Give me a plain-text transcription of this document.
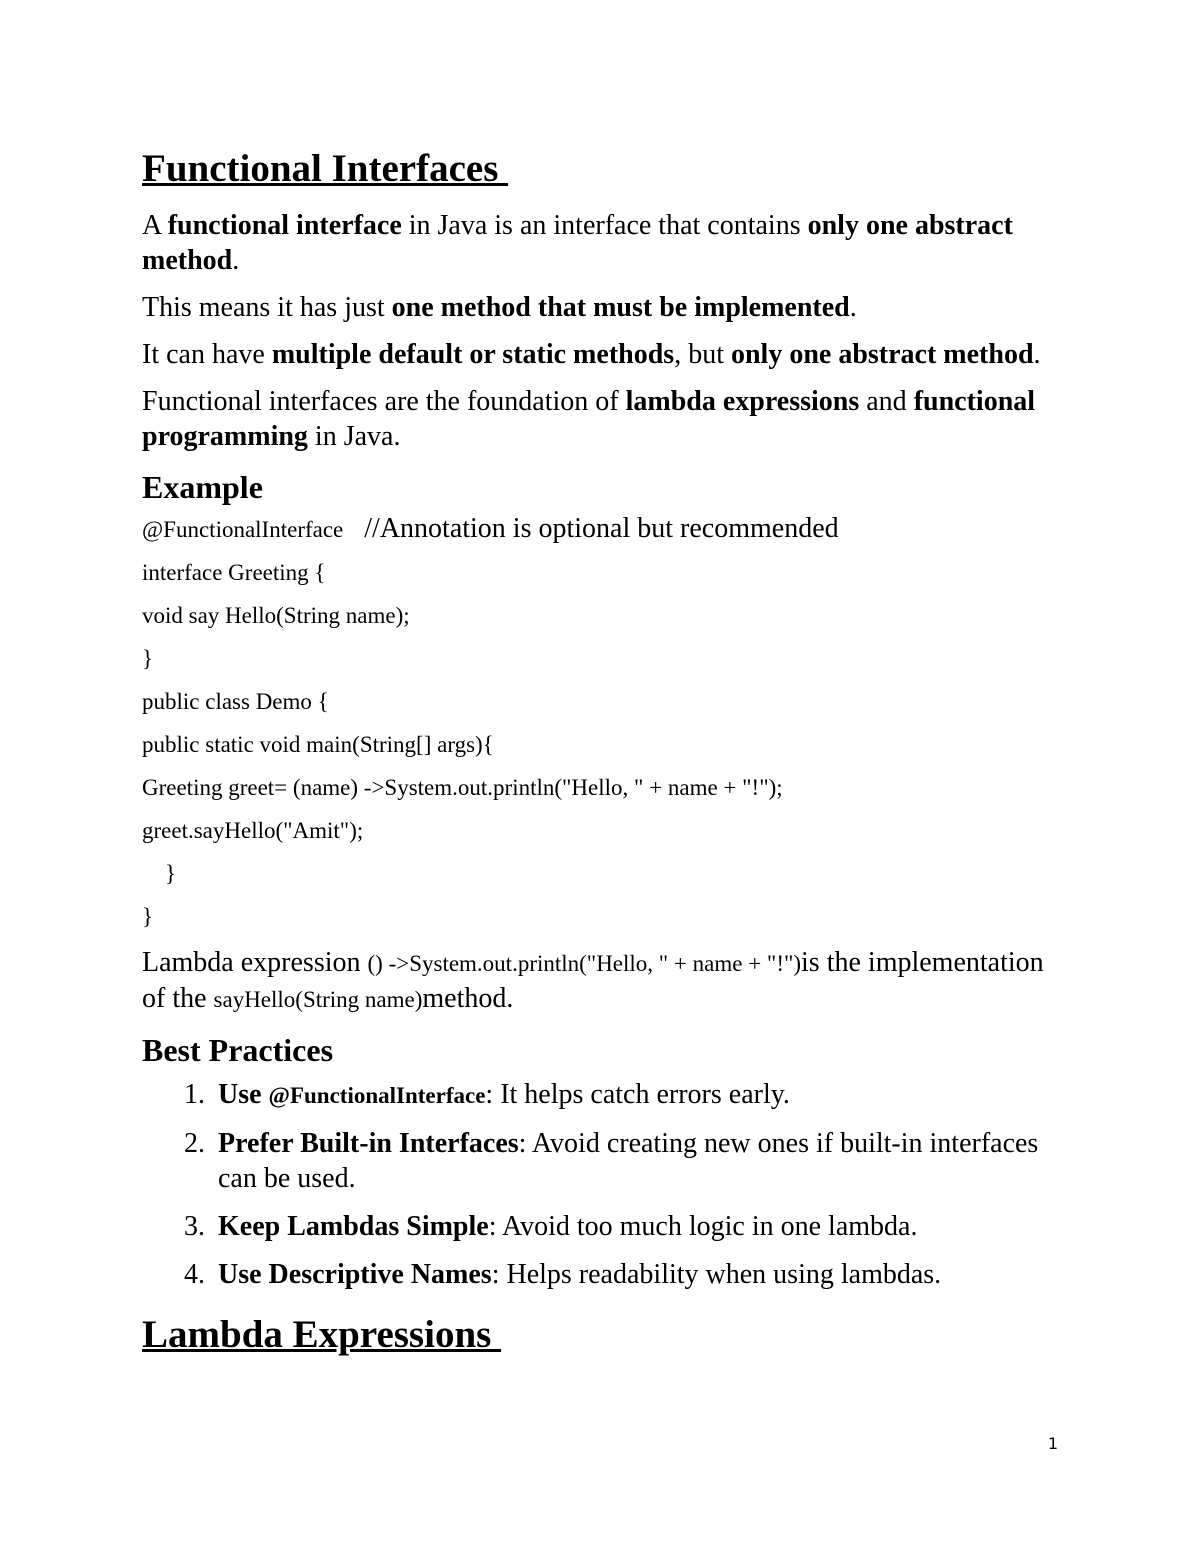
Functional Interfaces

A functional interface in Java is an interface that contains only one abstract method.

This means it has just one method that must be implemented.

It can have multiple default or static methods, but only one abstract method.

Functional interfaces are the foundation of lambda expressions and functional programming in Java.

Example
@FunctionalInterface   //Annotation is optional but recommended
interface Greeting {
void say Hello(String name);
}
public class Demo {
public static void main(String[] args){
Greeting greet= (name) ->System.out.println("Hello, " + name + "!");
greet.sayHello("Amit");
}
}

Lambda expression () ->System.out.println("Hello, " + name + "!")is the implementation of the sayHello(String name)method.

Best Practices
1. Use @FunctionalInterface: It helps catch errors early.
2. Prefer Built-in Interfaces: Avoid creating new ones if built-in interfaces can be used.
3. Keep Lambdas Simple: Avoid too much logic in one lambda.
4. Use Descriptive Names: Helps readability when using lambdas.
Lambda Expressions
1
